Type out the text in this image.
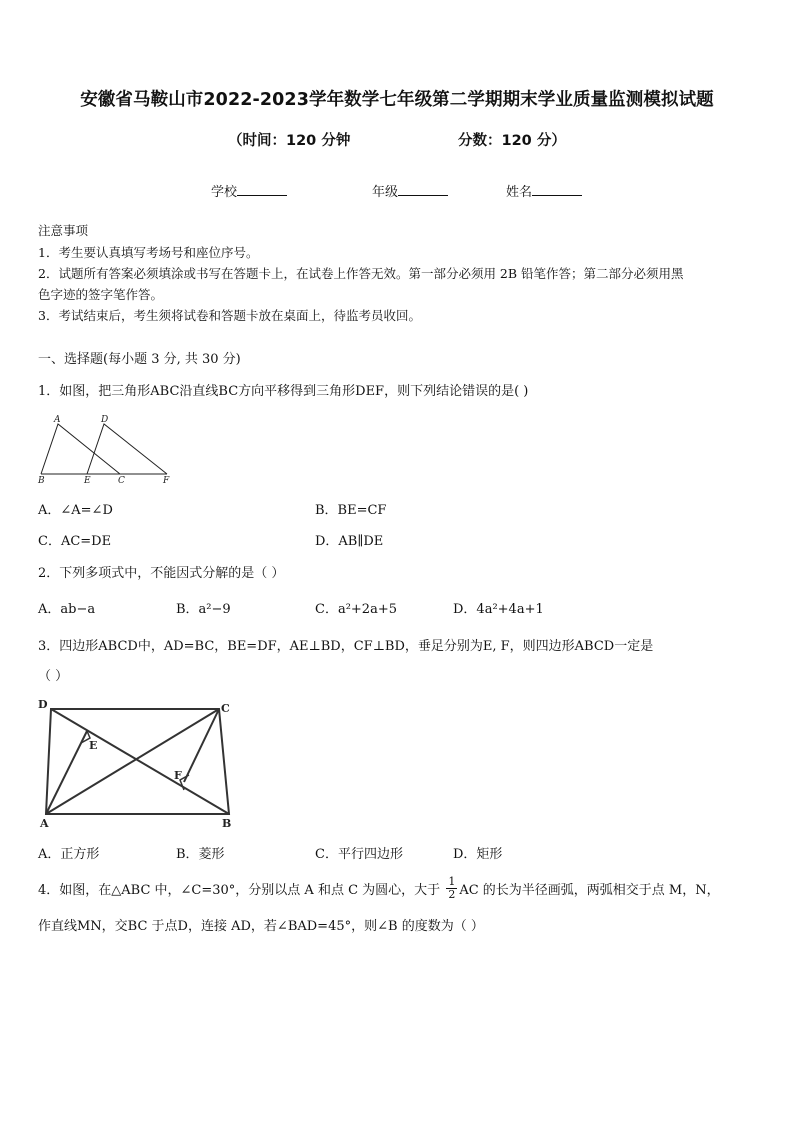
安徽省马鞍山市2022-2023学年数学七年级第二学期期末学业质量监测模拟试题
（时间：120 分钟	分数：120 分）
学校	年级	姓名
注意事项
1．考生要认真填写考场号和座位序号。
2．试题所有答案必须填涂或书写在答题卡上，在试卷上作答无效。第一部分必须用 2B 铅笔作答；第二部分必须用黑
色字迹的签字笔作答。
3．考试结束后，考生须将试卷和答题卡放在桌面上，待监考员收回。
一、选择题(每小题 3 分, 共 30 分)
1．如图，把三角形ABC沿直线BC方向平移得到三角形DEF，则下列结论错误的是( )
A	D
B	E	C	F
A．∠A=∠D	B．BE=CF
C．AC=DE	D．AB∥DE
2．下列多项式中，不能因式分解的是（ ）
A．ab−a	B．a²−9	C．a²+2a+5	D．4a²+4a+1
3．四边形ABCD中，AD=BC，BE=DF，AE⊥BD，CF⊥BD，垂足分别为E, F，则四边形ABCD一定是
（ ）
D	C
E
F
A	B
A．正方形	B．菱形	C．平行四边形	D．矩形
4．如图，在△ABC 中，∠C=30°，分别以点 A 和点 C 为圆心，大于 $\frac{1}{2}$ AC 的长为半径画弧，两弧相交于点 M，N，
作直线MN，交BC 于点D，连接 AD，若∠BAD=45°，则∠B 的度数为（ ）
